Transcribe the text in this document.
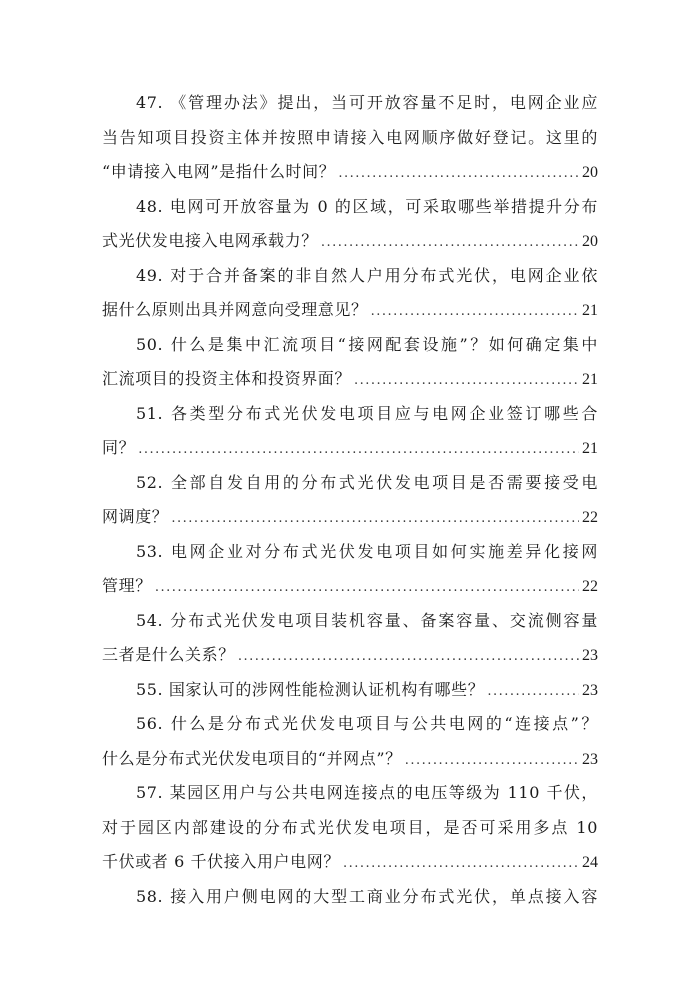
47. 《管理办法》提出，当可开放容量不足时，电网企业应
当告知项目投资主体并按照申请接入电网顺序做好登记。这里的
“申请接入电网”是指什么时间？ .....	20
48. 电网可开放容量为 0 的区域，可采取哪些举措提升分布
式光伏发电接入电网承载力？ .....	20
49. 对于合并备案的非自然人户用分布式光伏，电网企业依
据什么原则出具并网意向受理意见？ .....	21
50. 什么是集中汇流项目“接网配套设施”？如何确定集中
汇流项目的投资主体和投资界面？ .....	21
51. 各类型分布式光伏发电项目应与电网企业签订哪些合
同？ .....	21
52. 全部自发自用的分布式光伏发电项目是否需要接受电
网调度？ .....	22
53. 电网企业对分布式光伏发电项目如何实施差异化接网
管理？ .....	22
54. 分布式光伏发电项目装机容量、备案容量、交流侧容量
三者是什么关系？ .....	23
55. 国家认可的涉网性能检测认证机构有哪些？ .....	23
56. 什么是分布式光伏发电项目与公共电网的“连接点”？
什么是分布式光伏发电项目的“并网点”？ .....	23
57. 某园区用户与公共电网连接点的电压等级为 110 千伏，
对于园区内部建设的分布式光伏发电项目，是否可采用多点 10
千伏或者 6 千伏接入用户电网？ .....	24
58. 接入用户侧电网的大型工商业分布式光伏，单点接入容
